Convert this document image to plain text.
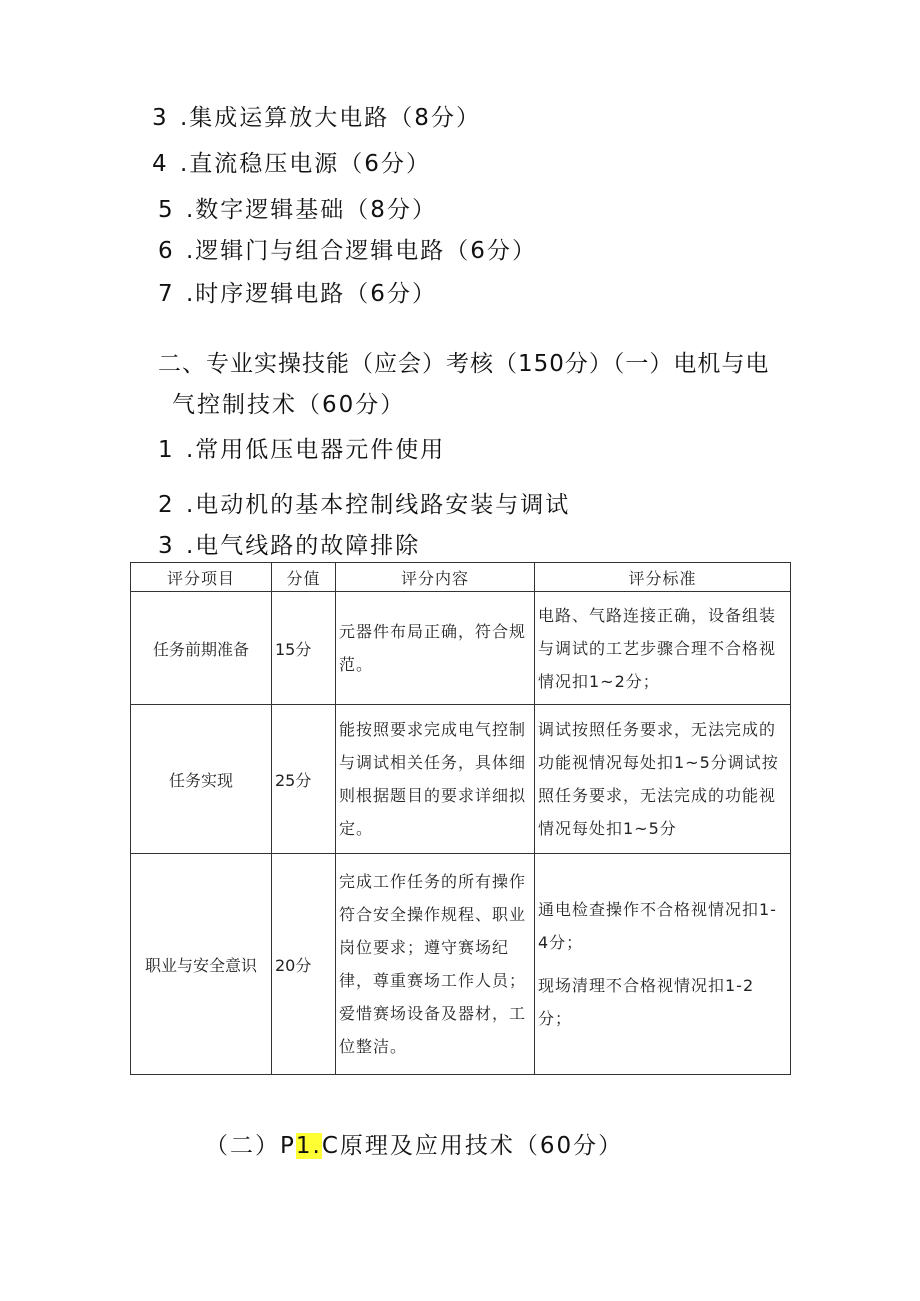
3 .集成运算放大电路（8分）
4 .直流稳压电源（6分）
5 .数字逻辑基础（8分）
6 .逻辑门与组合逻辑电路（6分）
7 .时序逻辑电路（6分）
二、专业实操技能（应会）考核（150分）（一）电机与电
气控制技术（60分）
1 .常用低压电器元件使用
2 .电动机的基本控制线路安装与调试
3 .电气线路的故障排除
评分项目	分值	评分内容	评分标准
任务前期准备	15分	元器件布局正确，符合规范。	电路、气路连接正确，设备组装与调试的工艺步骤合理不合格视情况扣1~2分；
任务实现	25分	能按照要求完成电气控制与调试相关任务，具体细则根据题目的要求详细拟定。	调试按照任务要求，无法完成的功能视情况每处扣1~5分调试按照任务要求，无法完成的功能视情况每处扣1~5分
职业与安全意识	20分	完成工作任务的所有操作符合安全操作规程、职业岗位要求；遵守赛场纪律，尊重赛场工作人员；爱惜赛场设备及器材，工位整洁。	通电检查操作不合格视情况扣1-4分；
现场清理不合格视情况扣1-2分；
（二）P1.C原理及应用技术（60分）
